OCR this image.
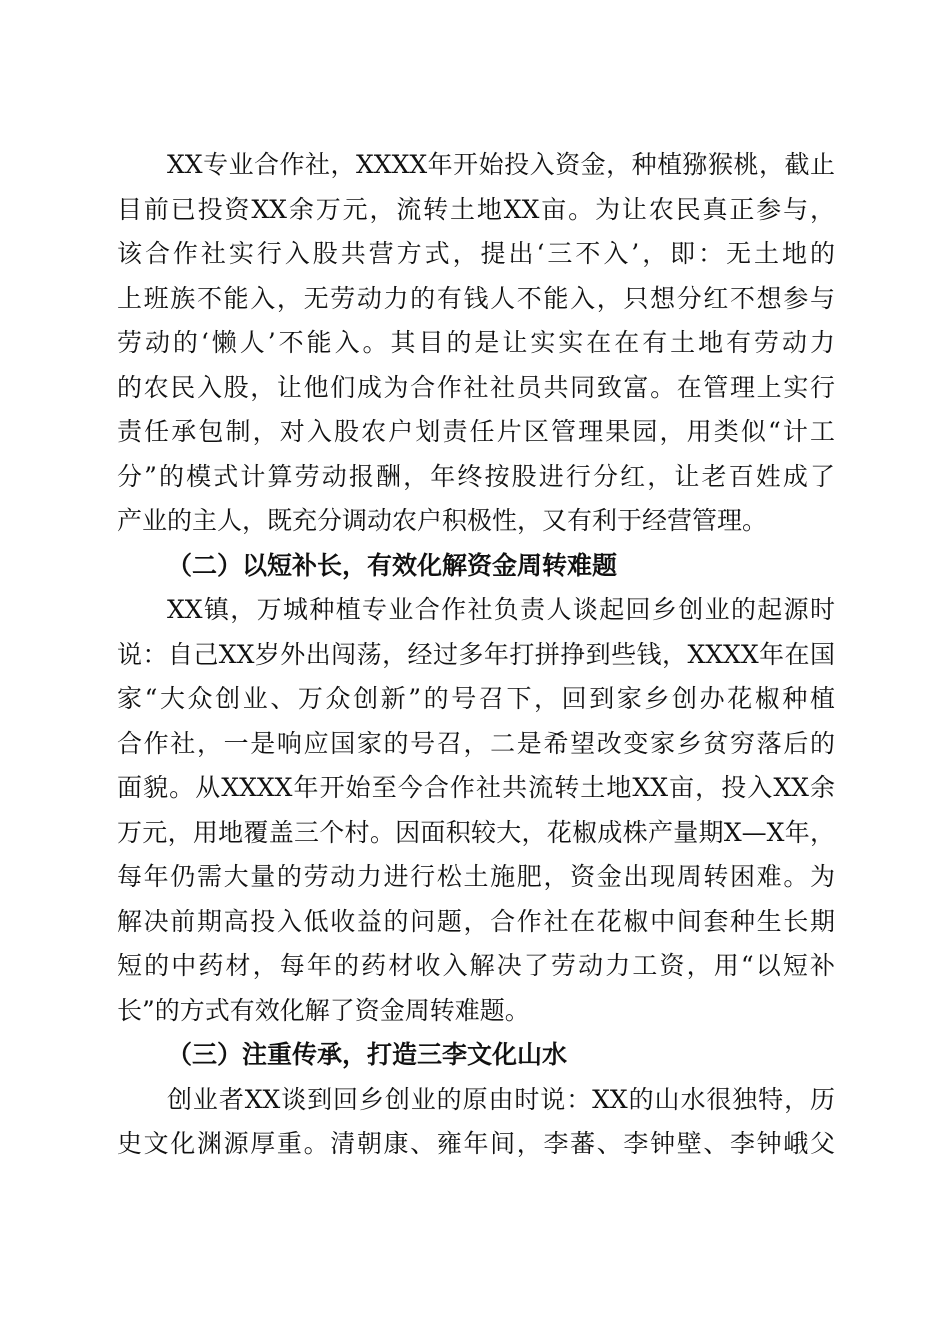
XX专业合作社，XXXX年开始投入资金，种植猕猴桃，截止
目前已投资XX余万元，流转土地XX亩。为让农民真正参与，
该合作社实行入股共营方式，提出‘三不入’，即：无土地的
上班族不能入，无劳动力的有钱人不能入，只想分红不想参与
劳动的‘懒人’不能入。其目的是让实实在在有土地有劳动力
的农民入股，让他们成为合作社社员共同致富。在管理上实行
责任承包制，对入股农户划责任片区管理果园，用类似“计工
分”的模式计算劳动报酬，年终按股进行分红，让老百姓成了
产业的主人，既充分调动农户积极性，又有利于经营管理。
（二）以短补长，有效化解资金周转难题
XX镇，万城种植专业合作社负责人谈起回乡创业的起源时
说：自己XX岁外出闯荡，经过多年打拼挣到些钱，XXXX年在国
家“大众创业、万众创新”的号召下，回到家乡创办花椒种植
合作社，一是响应国家的号召，二是希望改变家乡贫穷落后的
面貌。从XXXX年开始至今合作社共流转土地XX亩，投入XX余
万元，用地覆盖三个村。因面积较大，花椒成株产量期X—X年，
每年仍需大量的劳动力进行松土施肥，资金出现周转困难。为
解决前期高投入低收益的问题，合作社在花椒中间套种生长期
短的中药材，每年的药材收入解决了劳动力工资，用“以短补
长”的方式有效化解了资金周转难题。
（三）注重传承，打造三李文化山水
创业者XX谈到回乡创业的原由时说：XX的山水很独特，历
史文化渊源厚重。清朝康、雍年间，李蕃、李钟壁、李钟峨父
